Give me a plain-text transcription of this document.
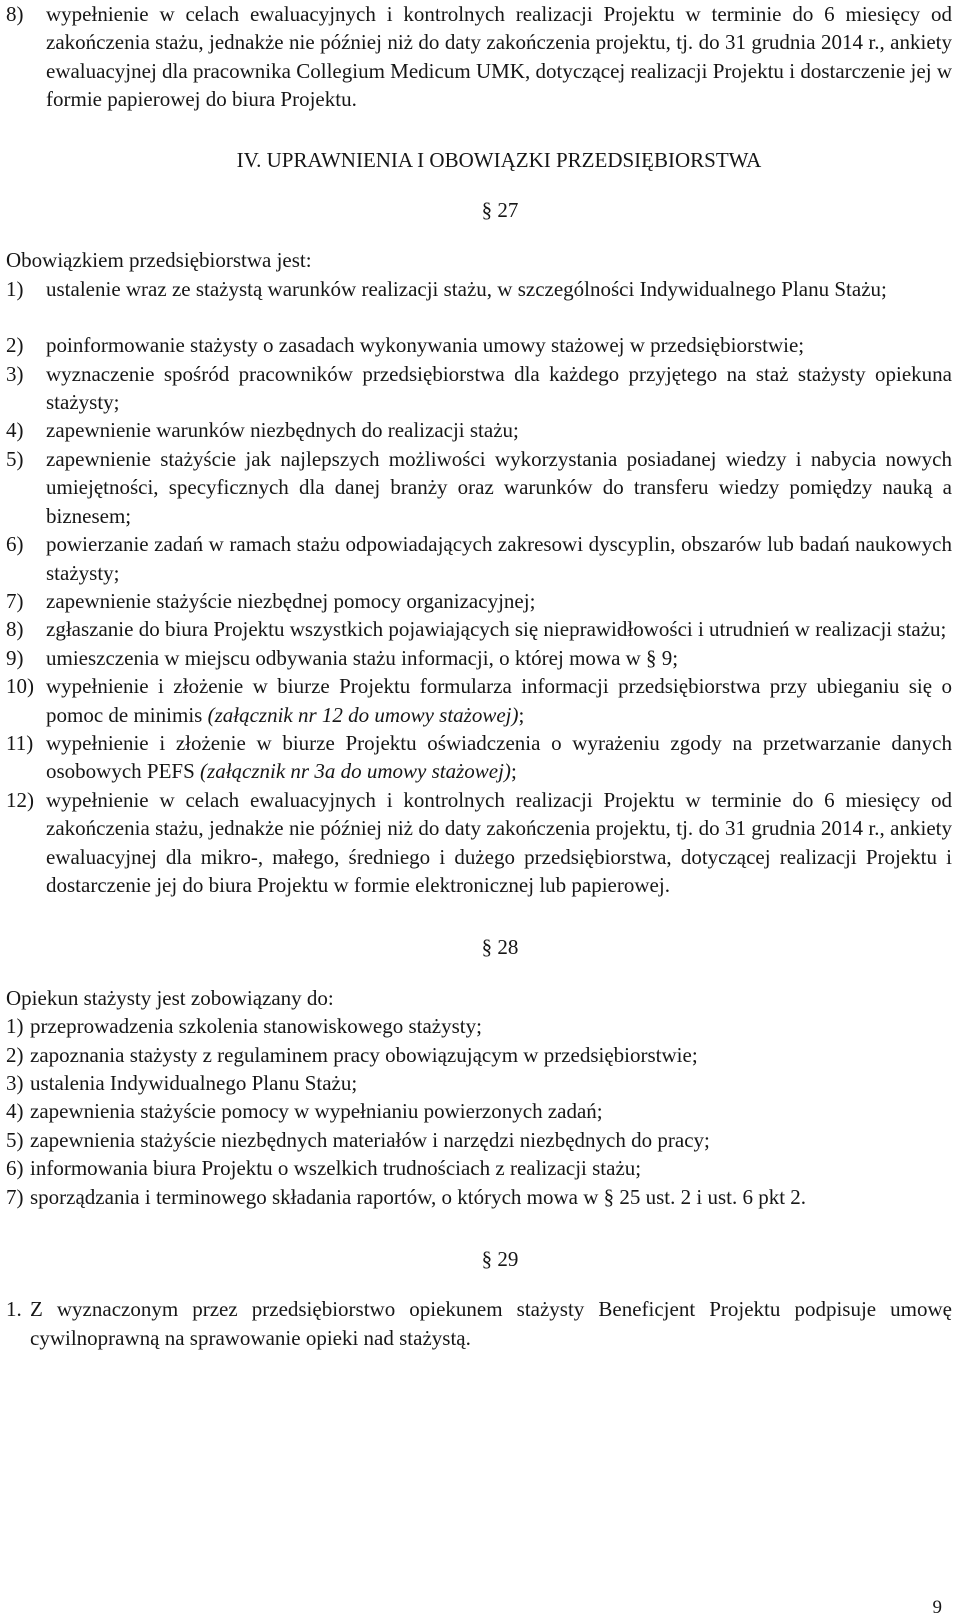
8)	wypełnienie w celach ewaluacyjnych i kontrolnych realizacji Projektu w terminie do 6 miesięcy od zakończenia stażu, jednakże nie później niż do daty zakończenia projektu, tj. do 31 grudnia 2014 r., ankiety ewaluacyjnej dla pracownika Collegium Medicum UMK, dotyczącej realizacji Projektu i dostarczenie jej w formie papierowej do biura Projektu.

IV. UPRAWNIENIA I OBOWIĄZKI PRZEDSIĘBIORSTWA

§ 27

Obowiązkiem przedsiębiorstwa jest:

1)	ustalenie wraz ze stażystą warunków realizacji stażu, w szczególności Indywidualnego Planu Stażu;
2)	poinformowanie stażysty o zasadach wykonywania umowy stażowej w przedsiębiorstwie;
3)	wyznaczenie spośród pracowników przedsiębiorstwa dla każdego przyjętego na staż stażysty opiekuna stażysty;
4)	zapewnienie warunków niezbędnych do realizacji stażu;
5)	zapewnienie stażyście jak najlepszych możliwości wykorzystania posiadanej wiedzy i nabycia nowych umiejętności, specyficznych dla danej branży oraz warunków do transferu wiedzy pomiędzy nauką a biznesem;
6)	powierzanie zadań w ramach stażu odpowiadających zakresowi dyscyplin, obszarów lub badań naukowych stażysty;
7)	zapewnienie stażyście niezbędnej pomocy organizacyjnej;
8)	zgłaszanie do biura Projektu wszystkich pojawiających się nieprawidłowości i utrudnień w realizacji stażu;
9)	umieszczenia w miejscu odbywania stażu informacji, o której mowa w § 9;
10) wypełnienie i złożenie w biurze Projektu formularza informacji przedsiębiorstwa przy ubieganiu się o pomoc de minimis (załącznik nr 12 do umowy stażowej);
11) wypełnienie i złożenie w biurze Projektu oświadczenia o wyrażeniu zgody na przetwarzanie danych osobowych PEFS (załącznik nr 3a do umowy stażowej);
12) wypełnienie w celach ewaluacyjnych i kontrolnych realizacji Projektu w terminie do 6 miesięcy od zakończenia stażu, jednakże nie później niż do daty zakończenia projektu, tj. do 31 grudnia 2014 r., ankiety ewaluacyjnej dla mikro-, małego, średniego i dużego przedsiębiorstwa, dotyczącej realizacji Projektu i dostarczenie jej do biura Projektu w formie elektronicznej lub papierowej.

§ 28

Opiekun stażysty jest zobowiązany do:

1) przeprowadzenia szkolenia stanowiskowego stażysty;
2) zapoznania stażysty z regulaminem pracy obowiązującym w przedsiębiorstwie;
3) ustalenia Indywidualnego Planu Stażu;
4) zapewnienia stażyście pomocy w wypełnianiu powierzonych zadań;
5) zapewnienia stażyście niezbędnych materiałów i narzędzi niezbędnych do pracy;
6) informowania biura Projektu o wszelkich trudnościach z realizacji stażu;
7) sporządzania i terminowego składania raportów, o których mowa w § 25 ust. 2 i ust. 6 pkt 2.

§ 29

1. Z wyznaczonym przez przedsiębiorstwo opiekunem stażysty Beneficjent Projektu podpisuje umowę cywilnoprawną na sprawowanie opieki nad stażystą.
9
